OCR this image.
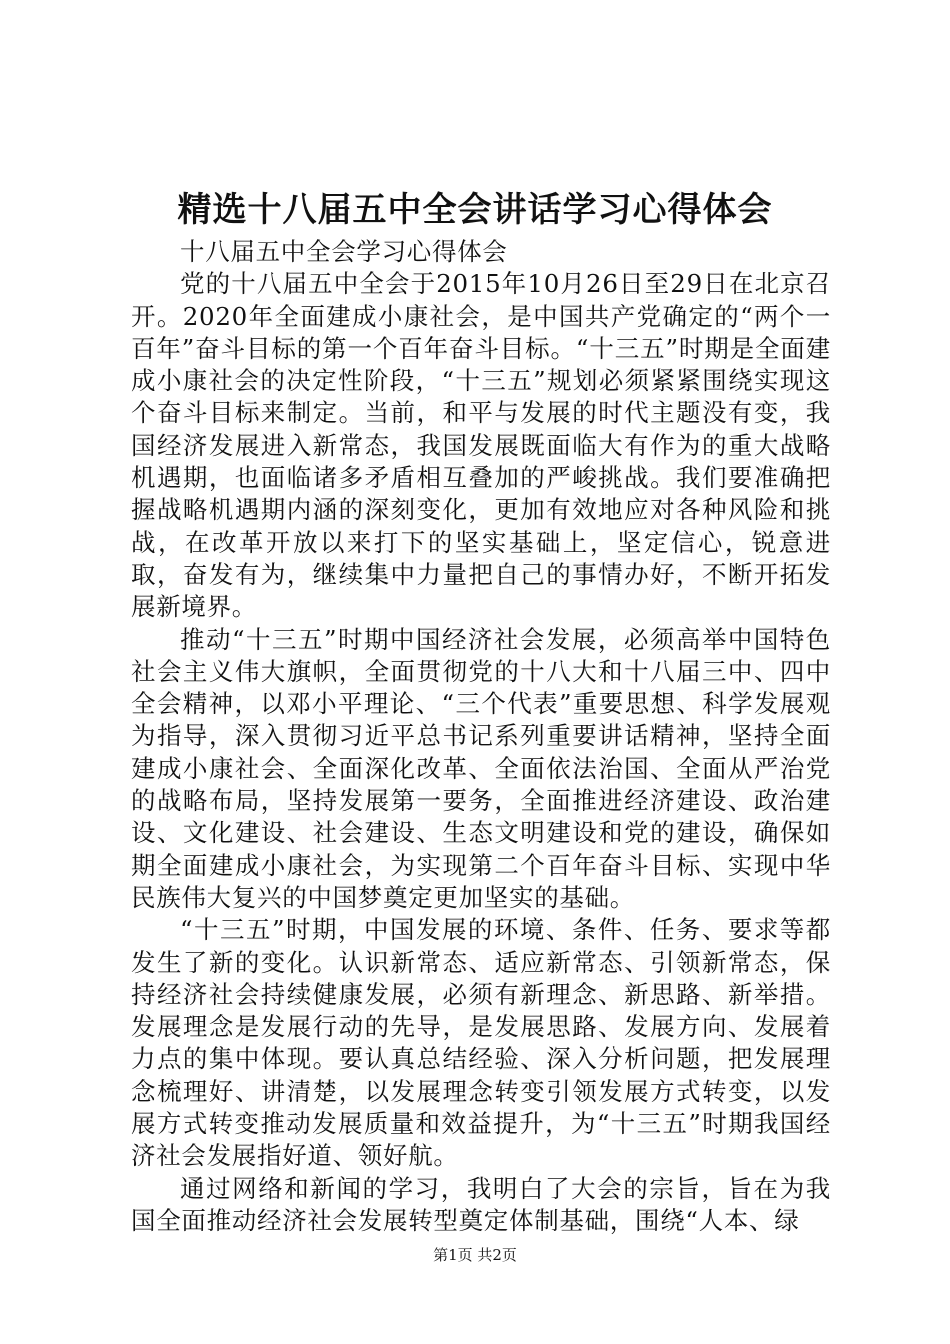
精选十八届五中全会讲话学习心得体会

十八届五中全会学习心得体会

党的十八届五中全会于2015年10月26日至29日在北京召开。2020年全面建成小康社会，是中国共产党确定的“两个一百年”奋斗目标的第一个百年奋斗目标。“十三五”时期是全面建成小康社会的决定性阶段，“十三五”规划必须紧紧围绕实现这个奋斗目标来制定。当前，和平与发展的时代主题没有变，我国经济发展进入新常态，我国发展既面临大有作为的重大战略机遇期，也面临诸多矛盾相互叠加的严峻挑战。我们要准确把握战略机遇期内涵的深刻变化，更加有效地应对各种风险和挑战，在改革开放以来打下的坚实基础上，坚定信心，锐意进取，奋发有为，继续集中力量把自己的事情办好，不断开拓发展新境界。

推动“十三五”时期中国经济社会发展，必须高举中国特色社会主义伟大旗帜，全面贯彻党的十八大和十八届三中、四中全会精神，以邓小平理论、“三个代表”重要思想、科学发展观为指导，深入贯彻习近平总书记系列重要讲话精神，坚持全面建成小康社会、全面深化改革、全面依法治国、全面从严治党的战略布局，坚持发展第一要务，全面推进经济建设、政治建设、文化建设、社会建设、生态文明建设和党的建设，确保如期全面建成小康社会，为实现第二个百年奋斗目标、实现中华民族伟大复兴的中国梦奠定更加坚实的基础。

“十三五”时期，中国发展的环境、条件、任务、要求等都发生了新的变化。认识新常态、适应新常态、引领新常态，保持经济社会持续健康发展，必须有新理念、新思路、新举措。发展理念是发展行动的先导，是发展思路、发展方向、发展着力点的集中体现。要认真总结经验、深入分析问题，把发展理念梳理好、讲清楚，以发展理念转变引领发展方式转变，以发展方式转变推动发展质量和效益提升，为“十三五”时期我国经济社会发展指好道、领好航。

通过网络和新闻的学习，我明白了大会的宗旨，旨在为我国全面推动经济社会发展转型奠定体制基础，围绕“人本、绿

第1页 共2页
